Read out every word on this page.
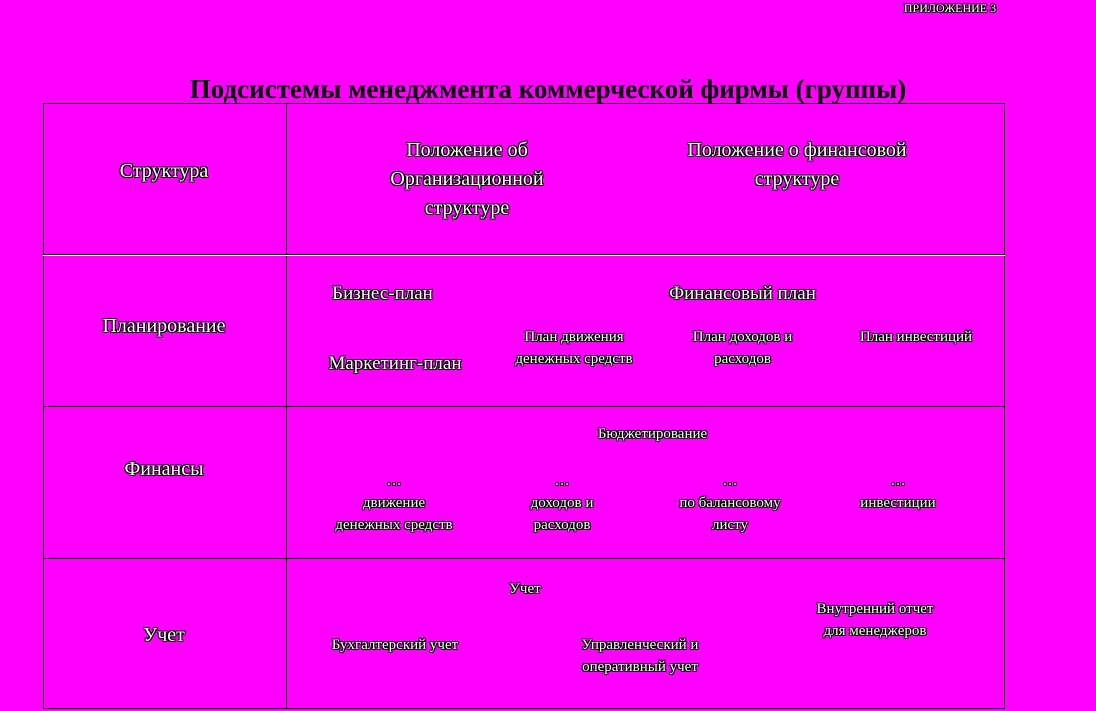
ПРИЛОЖЕНИЕ 3
Подсистемы менеджмента коммерческой фирмы (группы)
Структура
Положение об Организационной структуре
Положение о финансовой структуре
Планирование
Бизнес-план	Финансовый план
Маркетинг-план
План движения денежных средств
План доходов и расходов
План инвестиций
Финансы
Бюджетирование
…
движение денежных средств
…
доходов и расходов
…
по балансовому листу
…
инвестиции
Учет
Учет
Бухгалтерский учет	Управленческий и оперативный учет
Внутренний отчет для менеджеров
